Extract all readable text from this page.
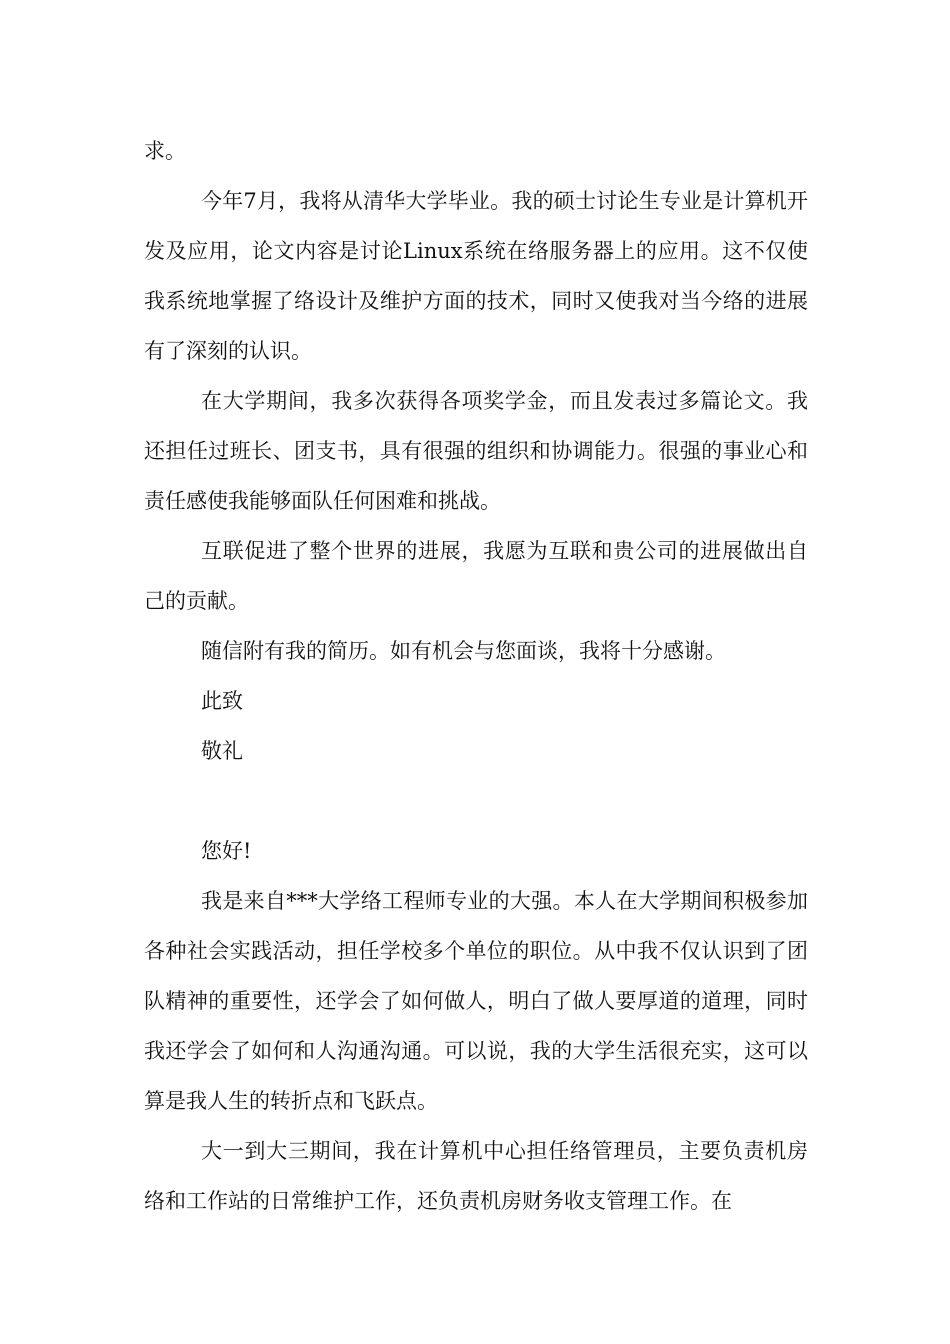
求。

今年7月，我将从清华大学毕业。我的硕士讨论生专业是计算机开发及应用，论文内容是讨论Linux系统在络服务器上的应用。这不仅使我系统地掌握了络设计及维护方面的技术，同时又使我对当今络的进展有了深刻的认识。

在大学期间，我多次获得各项奖学金，而且发表过多篇论文。我还担任过班长、团支书，具有很强的组织和协调能力。很强的事业心和责任感使我能够面队任何困难和挑战。

互联促进了整个世界的进展，我愿为互联和贵公司的进展做出自己的贡献。

随信附有我的简历。如有机会与您面谈，我将十分感谢。

此致

敬礼

您好!

我是来自***大学络工程师专业的大强。本人在大学期间积极参加各种社会实践活动，担任学校多个单位的职位。从中我不仅认识到了团队精神的重要性，还学会了如何做人，明白了做人要厚道的道理，同时我还学会了如何和人沟通沟通。可以说，我的大学生活很充实，这可以算是我人生的转折点和飞跃点。

大一到大三期间，我在计算机中心担任络管理员，主要负责机房络和工作站的日常维护工作，还负责机房财务收支管理工作。在
